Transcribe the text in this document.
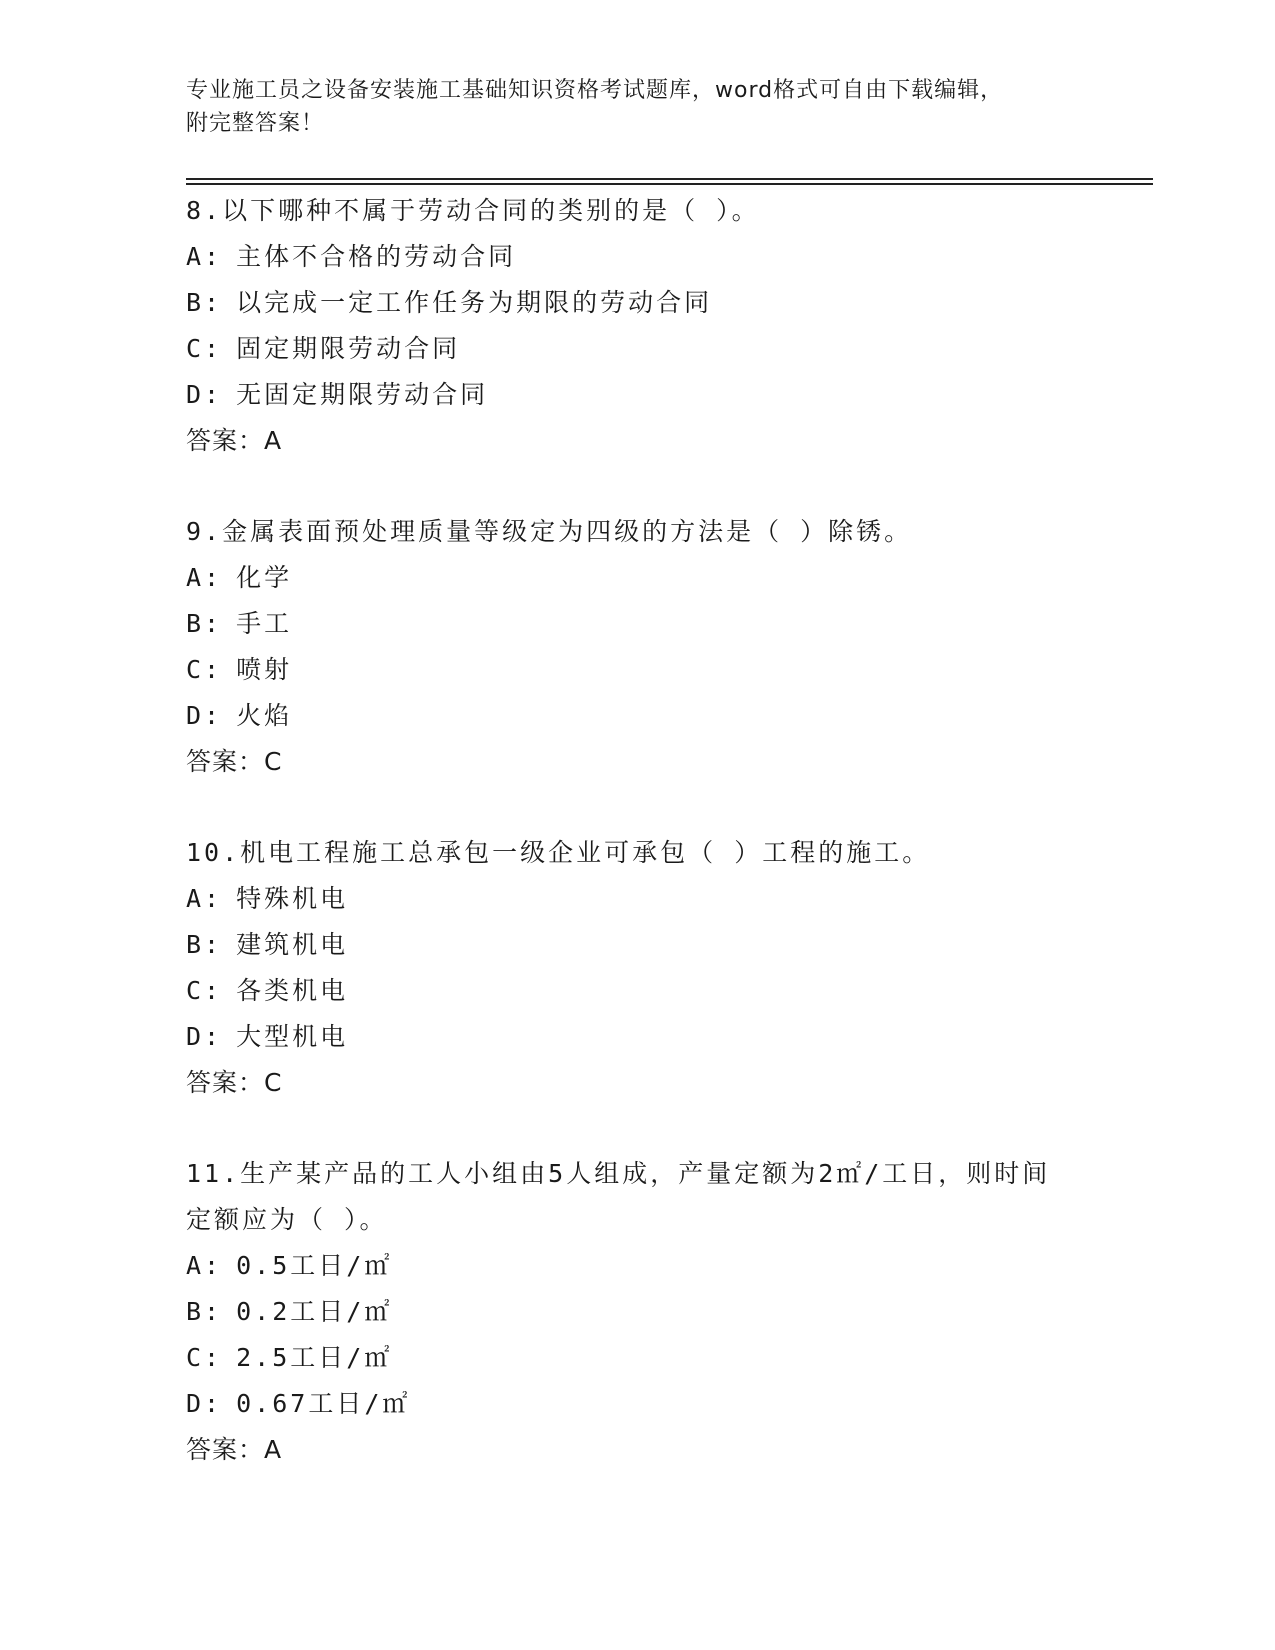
专业施工员之设备安装施工基础知识资格考试题库，word格式可自由下载编辑，
附完整答案！
8.以下哪种不属于劳动合同的类别的是（ ）。
A: 主体不合格的劳动合同
B: 以完成一定工作任务为期限的劳动合同
C: 固定期限劳动合同
D: 无固定期限劳动合同
答案：A
9.金属表面预处理质量等级定为四级的方法是（ ）除锈。
A: 化学
B: 手工
C: 喷射
D: 火焰
答案：C
10.机电工程施工总承包一级企业可承包（ ）工程的施工。
A: 特殊机电
B: 建筑机电
C: 各类机电
D: 大型机电
答案：C
11.生产某产品的工人小组由5人组成，产量定额为2㎡/工日，则时间
定额应为（ ）。
A: 0.5工日/㎡
B: 0.2工日/㎡
C: 2.5工日/㎡
D: 0.67工日/㎡
答案：A
